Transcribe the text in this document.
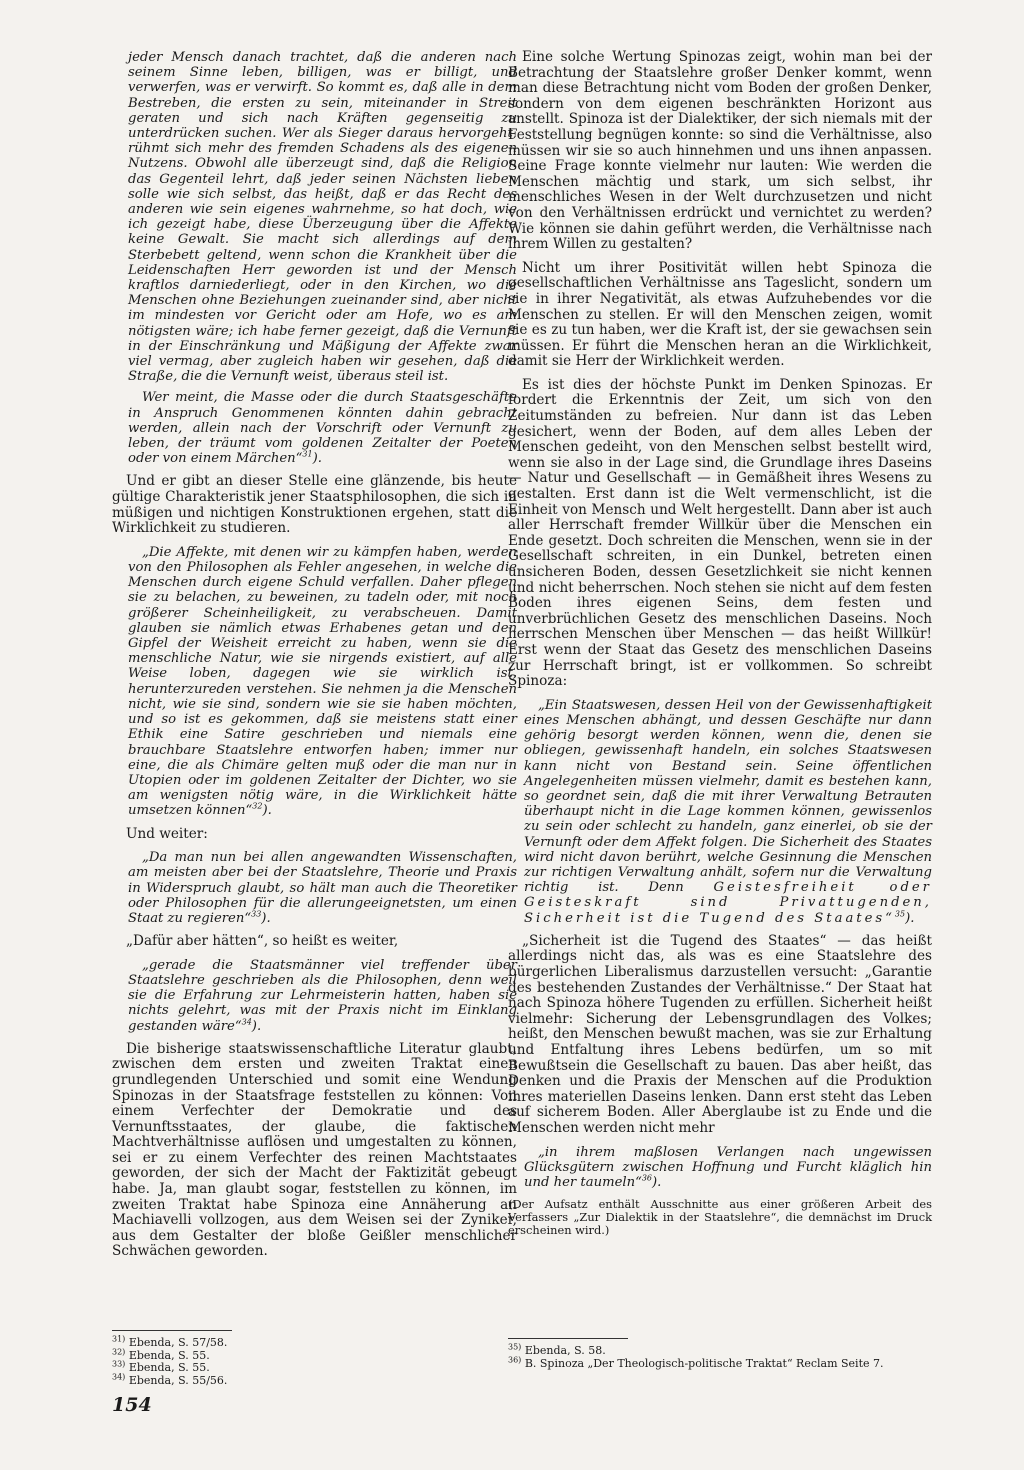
jeder Mensch danach trachtet, daß die anderen nach seinem Sinne leben, billigen, was er billigt, und verwerfen, was er verwirft. So kommt es, daß alle in dem Bestreben, die ersten zu sein, miteinander in Streit geraten und sich nach Kräften gegenseitig zu unterdrücken suchen. Wer als Sieger daraus hervorgeht, rühmt sich mehr des fremden Schadens als des eigenen Nutzens. Obwohl alle überzeugt sind, daß die Religion das Gegenteil lehrt, daß jeder seinen Nächsten lieben solle wie sich selbst, das heißt, daß er das Recht des anderen wie sein eigenes wahrnehme, so hat doch, wie ich gezeigt habe, diese Überzeugung über die Affekte keine Gewalt. Sie macht sich allerdings auf dem Sterbebett geltend, wenn schon die Krankheit über die Leidenschaften Herr geworden ist und der Mensch kraftlos darniederliegt, oder in den Kirchen, wo die Menschen ohne Beziehungen zueinander sind, aber nicht im mindesten vor Gericht oder am Hofe, wo es am nötigsten wäre; ich habe ferner gezeigt, daß die Vernunft in der Einschränkung und Mäßigung der Affekte zwar viel vermag, aber zugleich haben wir gesehen, daß die Straße, die die Vernunft weist, überaus steil ist.

Wer meint, die Masse oder die durch Staatsgeschäfte in Anspruch Genommenen könnten dahin gebracht werden, allein nach der Vorschrift oder Vernunft zu leben, der träumt vom goldenen Zeitalter der Poeten oder von einem Märchen“$^{31}$).

Und er gibt an dieser Stelle eine glänzende, bis heute gültige Charakteristik jener Staatsphilosophen, die sich in müßigen und nichtigen Konstruktionen ergehen, statt die Wirklichkeit zu studieren.

„Die Affekte, mit denen wir zu kämpfen haben, werden von den Philosophen als Fehler angesehen, in welche die Menschen durch eigene Schuld verfallen. Daher pflegen sie zu belachen, zu beweinen, zu tadeln oder, mit noch größerer Scheinheiligkeit, zu verabscheuen. Damit glauben sie nämlich etwas Erhabenes getan und den Gipfel der Weisheit erreicht zu haben, wenn sie die menschliche Natur, wie sie nirgends existiert, auf alle Weise loben, dagegen wie sie wirklich ist, herunterzureden verstehen. Sie nehmen ja die Menschen nicht, wie sie sind, sondern wie sie sie haben möchten, und so ist es gekommen, daß sie meistens statt einer Ethik eine Satire geschrieben und niemals eine brauchbare Staatslehre entworfen haben; immer nur eine, die als Chimäre gelten muß oder die man nur in Utopien oder im goldenen Zeitalter der Dichter, wo sie am wenigsten nötig wäre, in die Wirklichkeit hätte umsetzen können“$^{32}$).

Und weiter:

„Da man nun bei allen angewandten Wissenschaften, am meisten aber bei der Staatslehre, Theorie und Praxis in Widerspruch glaubt, so hält man auch die Theoretiker oder Philosophen für die allerungeeignetsten, um einen Staat zu regieren“$^{33}$).

„Dafür aber hätten“, so heißt es weiter,

„gerade die Staatsmänner viel treffender über Staatslehre geschrieben als die Philosophen, denn weil sie die Erfahrung zur Lehrmeisterin hatten, haben sie nichts gelehrt, was mit der Praxis nicht im Einklang gestanden wäre“$^{34}$).

Die bisherige staatswissenschaftliche Literatur glaubt, zwischen dem ersten und zweiten Traktat einen grundlegenden Unterschied und somit eine Wendung Spinozas in der Staatsfrage feststellen zu können: Von einem Verfechter der Demokratie und des Vernunftsstaates, der glaube, die faktischen Machtverhältnisse auflösen und umgestalten zu können, sei er zu einem Verfechter des reinen Machtstaates geworden, der sich der Macht der Faktizität gebeugt habe. Ja, man glaubt sogar, feststellen zu können, im zweiten Traktat habe Spinoza eine Annäherung an Machiavelli vollzogen, aus dem Weisen sei der Zyniker, aus dem Gestalter der bloße Geißler menschlicher Schwächen geworden.

Eine solche Wertung Spinozas zeigt, wohin man bei der Betrachtung der Staatslehre großer Denker kommt, wenn man diese Betrachtung nicht vom Boden der großen Denker, sondern von dem eigenen beschränkten Horizont aus anstellt. Spinoza ist der Dialektiker, der sich niemals mit der Feststellung begnügen konnte: so sind die Verhältnisse, also müssen wir sie so auch hinnehmen und uns ihnen anpassen. Seine Frage konnte vielmehr nur lauten: Wie werden die Menschen mächtig und stark, um sich selbst, ihr menschliches Wesen in der Welt durchzusetzen und nicht von den Verhältnissen erdrückt und vernichtet zu werden? Wie können sie dahin geführt werden, die Verhältnisse nach ihrem Willen zu gestalten?

Nicht um ihrer Positivität willen hebt Spinoza die gesellschaftlichen Verhältnisse ans Tageslicht, sondern um sie in ihrer Negativität, als etwas Aufzuhebendes vor die Menschen zu stellen. Er will den Menschen zeigen, womit sie es zu tun haben, wer die Kraft ist, der sie gewachsen sein müssen. Er führt die Menschen heran an die Wirklichkeit, damit sie Herr der Wirklichkeit werden.

Es ist dies der höchste Punkt im Denken Spinozas. Er fordert die Erkenntnis der Zeit, um sich von den Zeitumständen zu befreien. Nur dann ist das Leben gesichert, wenn der Boden, auf dem alles Leben der Menschen gedeiht, von den Menschen selbst bestellt wird, wenn sie also in der Lage sind, die Grundlage ihres Daseins — Natur und Gesellschaft — in Gemäßheit ihres Wesens zu gestalten. Erst dann ist die Welt vermenschlicht, ist die Einheit von Mensch und Welt hergestellt. Dann aber ist auch aller Herrschaft fremder Willkür über die Menschen ein Ende gesetzt. Doch schreiten die Menschen, wenn sie in der Gesellschaft schreiten, in ein Dunkel, betreten einen unsicheren Boden, dessen Gesetzlichkeit sie nicht kennen und nicht beherrschen. Noch stehen sie nicht auf dem festen Boden ihres eigenen Seins, dem festen und unverbrüchlichen Gesetz des menschlichen Daseins. Noch herrschen Menschen über Menschen — das heißt Willkür! Erst wenn der Staat das Gesetz des menschlichen Daseins zur Herrschaft bringt, ist er vollkommen. So schreibt Spinoza:

„Ein Staatswesen, dessen Heil von der Gewissenhaftigkeit eines Menschen abhängt, und dessen Geschäfte nur dann gehörig besorgt werden können, wenn die, denen sie obliegen, gewissenhaft handeln, ein solches Staatswesen kann nicht von Bestand sein. Seine öffentlichen Angelegenheiten müssen vielmehr, damit es bestehen kann, so geordnet sein, daß die mit ihrer Verwaltung Betrauten überhaupt nicht in die Lage kommen können, gewissenlos zu sein oder schlecht zu handeln, ganz einerlei, ob sie der Vernunft oder dem Affekt folgen. Die Sicherheit des Staates wird nicht davon berührt, welche Gesinnung die Menschen zur richtigen Verwaltung anhält, sofern nur die Verwaltung richtig ist. Denn Geistesfreiheit oder Geisteskraft sind Privattugenden, Sicherheit ist die Tugend des Staates“$^{35}$).

„Sicherheit ist die Tugend des Staates“ — das heißt allerdings nicht das, als was es eine Staatslehre des bürgerlichen Liberalismus darzustellen versucht: „Garantie des bestehenden Zustandes der Verhältnisse.“ Der Staat hat nach Spinoza höhere Tugenden zu erfüllen. Sicherheit heißt vielmehr: Sicherung der Lebensgrundlagen des Volkes; heißt, den Menschen bewußt machen, was sie zur Erhaltung und Entfaltung ihres Lebens bedürfen, um so mit Bewußtsein die Gesellschaft zu bauen. Das aber heißt, das Denken und die Praxis der Menschen auf die Produktion ihres materiellen Daseins lenken. Dann erst steht das Leben auf sicherem Boden. Aller Aberglaube ist zu Ende und die Menschen werden nicht mehr

„in ihrem maßlosen Verlangen nach ungewissen Glücksgütern zwischen Hoffnung und Furcht kläglich hin und her taumeln“$^{36}$).

(Der Aufsatz enthält Ausschnitte aus einer größeren Arbeit des Verfassers „Zur Dialektik in der Staatslehre“, die demnächst im Druck erscheinen wird.)

$^{31)}$ Ebenda, S. 57/58.

$^{32)}$ Ebenda, S. 55.

$^{33)}$ Ebenda, S. 55.

$^{34)}$ Ebenda, S. 55/56.

$^{35)}$ Ebenda, S. 58.

$^{36)}$ B. Spinoza „Der Theologisch-politische Traktat“ Reclam Seite 7.

154
